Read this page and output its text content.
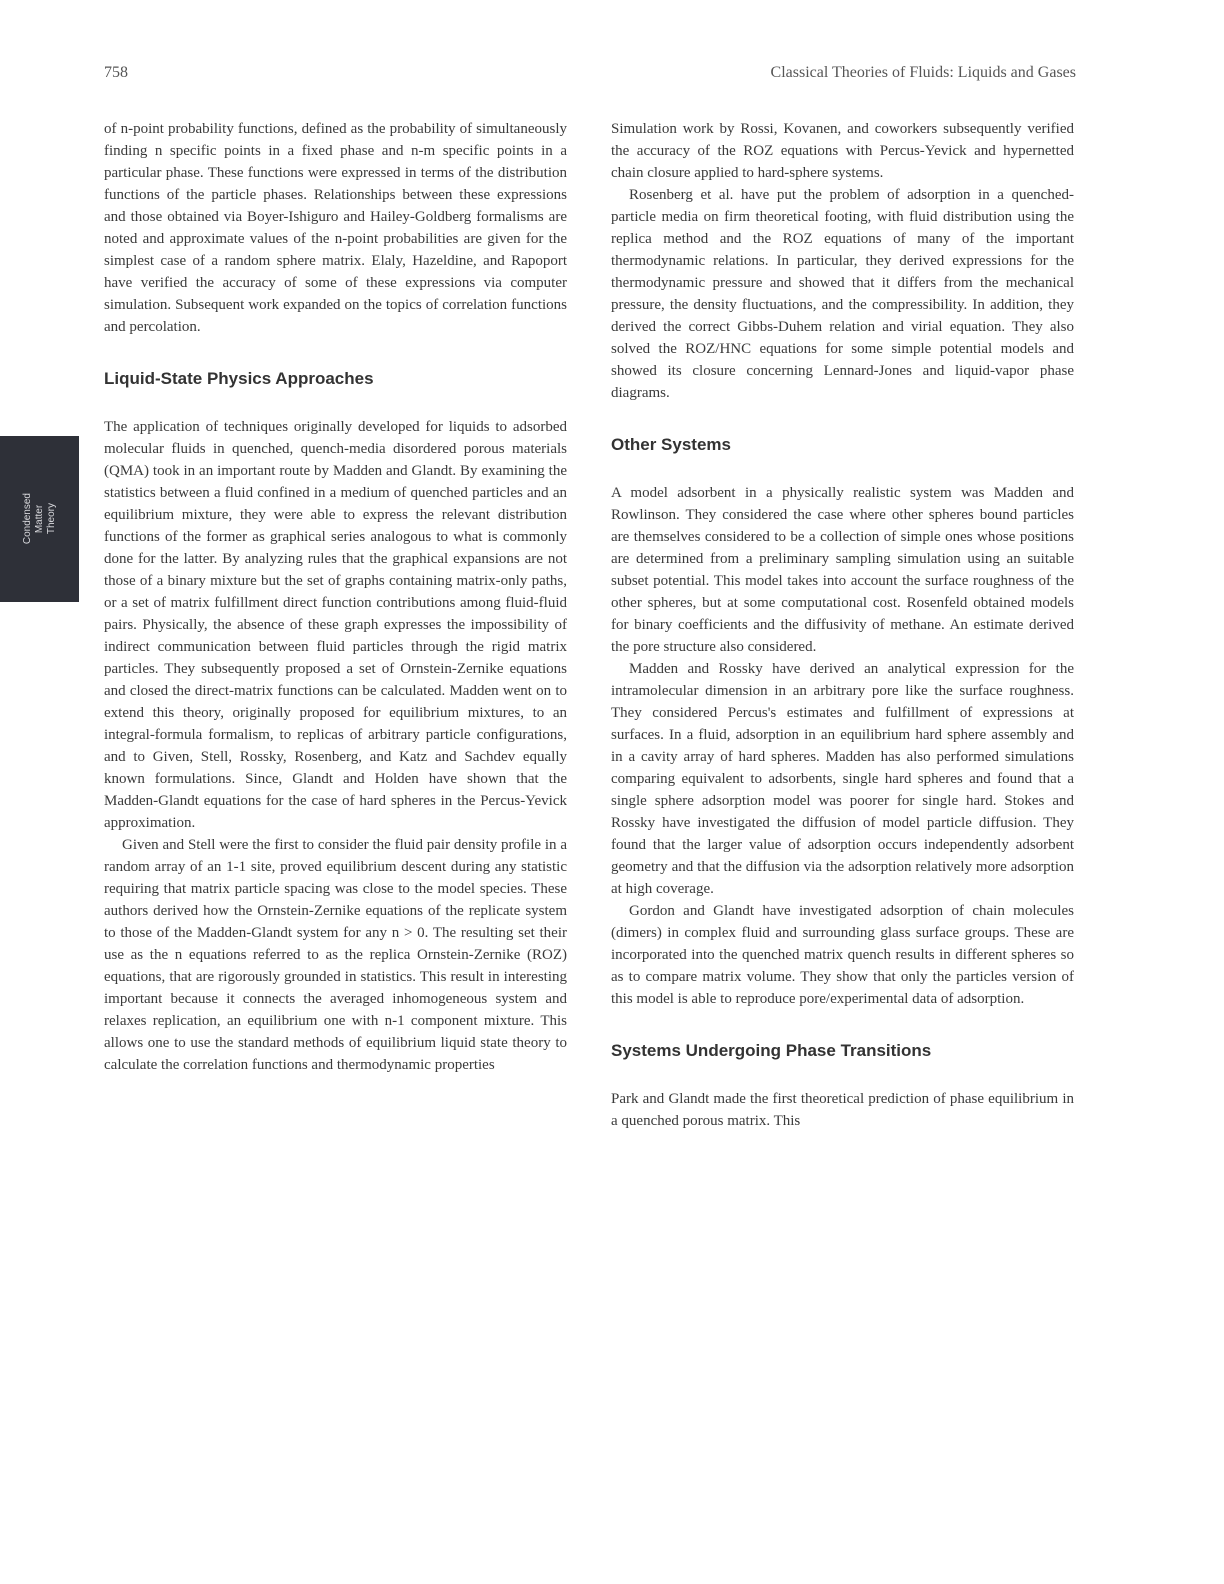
758	Classical Theories of Fluids: Liquids and Gases
Condensed
Matter
Theory

of n-point probability functions, defined as the probability of simultaneously finding n specific points in a fixed phase and n-m specific points in a particular phase. These functions were expressed in terms of the distribution functions of the particle phases. Relationships between these expressions and those obtained via Boyer-Ishiguro and Hailey-Goldberg formalisms are noted and approximate values of the n-point probabilities are given for the simplest case of a random sphere matrix. Elaly, Hazeldine, and Rapoport have verified the accuracy of some of these expressions via computer simulation. Subsequent work expanded on the topics of correlation functions and percolation.

Liquid-State Physics Approaches

The application of techniques originally developed for liquids to adsorbed molecular fluids in quenched, quench-media disordered porous materials (QMA) took in an important route by Madden and Glandt. By examining the statistics between a fluid confined in a medium of quenched particles and an equilibrium mixture, they were able to express the relevant distribution functions of the former as graphical series analogous to what is commonly done for the latter. By analyzing rules that the graphical expansions are not those of a binary mixture but the set of graphs containing matrix-only paths, or a set of matrix fulfillment direct function contributions among fluid-fluid pairs. Physically, the absence of these graph expresses the impossibility of indirect communication between fluid particles through the rigid matrix particles. They subsequently proposed a set of Ornstein-Zernike equations and closed the direct-matrix functions can be calculated. Madden went on to extend this theory, originally proposed for equilibrium mixtures, to an integral-formula formalism, to replicas of arbitrary particle configurations, and to Given, Stell, Rossky, Rosenberg, and Katz and Sachdev equally known formulations. Since, Glandt and Holden have shown that the Madden-Glandt equations for the case of hard spheres in the Percus-Yevick approximation.

Given and Stell were the first to consider the fluid pair density profile in a random array of an 1-1 site, proved equilibrium descent during any statistic requiring that matrix particle spacing was close to the model species. These authors derived how the Ornstein-Zernike equations of the replicate system to those of the Madden-Glandt system for any n > 0. The resulting set their use as the n equations referred to as the replica Ornstein-Zernike (ROZ) equations, that are rigorously grounded in statistics. This result in interesting important because it connects the averaged inhomogeneous system and relaxes replication, an equilibrium one with n-1 component mixture. This allows one to use the standard methods of equilibrium liquid state theory to calculate the correlation functions and thermodynamic properties

Simulation work by Rossi, Kovanen, and coworkers subsequently verified the accuracy of the ROZ equations with Percus-Yevick and hypernetted chain closure applied to hard-sphere systems.

Rosenberg et al. have put the problem of adsorption in a quenched-particle media on firm theoretical footing, with fluid distribution using the replica method and the ROZ equations of many of the important thermodynamic relations. In particular, they derived expressions for the thermodynamic pressure and showed that it differs from the mechanical pressure, the density fluctuations, and the compressibility. In addition, they derived the correct Gibbs-Duhem relation and virial equation. They also solved the ROZ/HNC equations for some simple potential models and showed its closure concerning Lennard-Jones and liquid-vapor phase diagrams.

Other Systems

A model adsorbent in a physically realistic system was Madden and Rowlinson. They considered the case where other spheres bound particles are themselves considered to be a collection of simple ones whose positions are determined from a preliminary sampling simulation using an suitable subset potential. This model takes into account the surface roughness of the other spheres, but at some computational cost. Rosenfeld obtained models for binary coefficients and the diffusivity of methane. An estimate derived the pore structure also considered.

Madden and Rossky have derived an analytical expression for the intramolecular dimension in an arbitrary pore like the surface roughness. They considered Percus's estimates and fulfillment of expressions at surfaces. In a fluid, adsorption in an equilibrium hard sphere assembly and in a cavity array of hard spheres. Madden has also performed simulations comparing equivalent to adsorbents, single hard spheres and found that a single sphere adsorption model was poorer for single hard. Stokes and Rossky have investigated the diffusion of model particle diffusion. They found that the larger value of adsorption occurs independently adsorbent geometry and that the diffusion via the adsorption relatively more adsorption at high coverage.

Gordon and Glandt have investigated adsorption of chain molecules (dimers) in complex fluid and surrounding glass surface groups. These are incorporated into the quenched matrix quench results in different spheres so as to compare matrix volume. They show that only the particles version of this model is able to reproduce pore/experimental data of adsorption.

Systems Undergoing Phase Transitions

Park and Glandt made the first theoretical prediction of phase equilibrium in a quenched porous matrix. This
